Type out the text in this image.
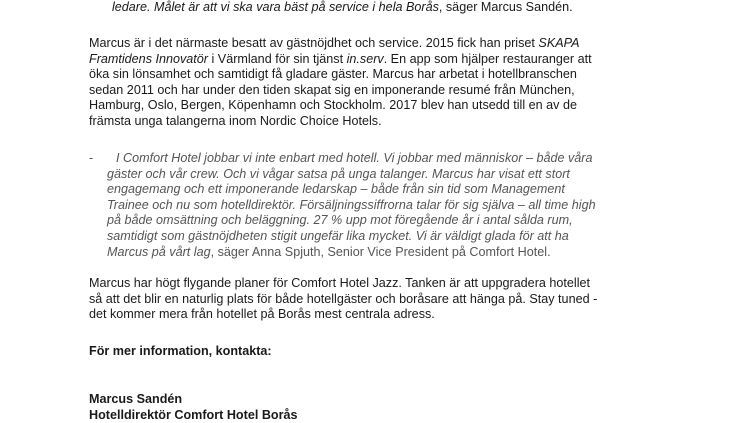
ledare. Målet är att vi ska vara bäst på service i hela Borås, säger Marcus Sandén.

Marcus är i det närmaste besatt av gästnöjdhet och service. 2015 fick han priset SKAPA
Framtidens Innovatör i Värmland för sin tjänst in.serv. En app som hjälper restauranger att
öka sin lönsamhet och samtidigt få gladare gäster. Marcus har arbetat i hotellbranschen
sedan 2011 och har under den tiden skapat sig en imponerande resumé från München,
Hamburg, Oslo, Bergen, Köpenhamn och Stockholm. 2017 blev han utsedd till en av de
främsta unga talangerna inom Nordic Choice Hotels.

-	I Comfort Hotel jobbar vi inte enbart med hotell. Vi jobbar med människor – både våra
gäster och vår crew. Och vi vågar satsa på unga talanger. Marcus har visat ett stort
engagemang och ett imponerande ledarskap – både från sin tid som Management
Trainee och nu som hotelldirektör. Försäljningssiffrorna talar för sig själva – all time high
på både omsättning och beläggning. 27 % upp mot föregående år i antal sålda rum,
samtidigt som gästnöjdheten stigit ungefär lika mycket. Vi är väldigt glada för att ha
Marcus på vårt lag, säger Anna Spjuth, Senior Vice President på Comfort Hotel.

Marcus har högt flygande planer för Comfort Hotel Jazz. Tanken är att uppgradera hotellet
så att det blir en naturlig plats för både hotellgäster och boråsare att hänga på. Stay tuned -
det kommer mera från hotellet på Borås mest centrala adress.

För mer information, kontakta:

Marcus Sandén
Hotelldirektör Comfort Hotel Borås
